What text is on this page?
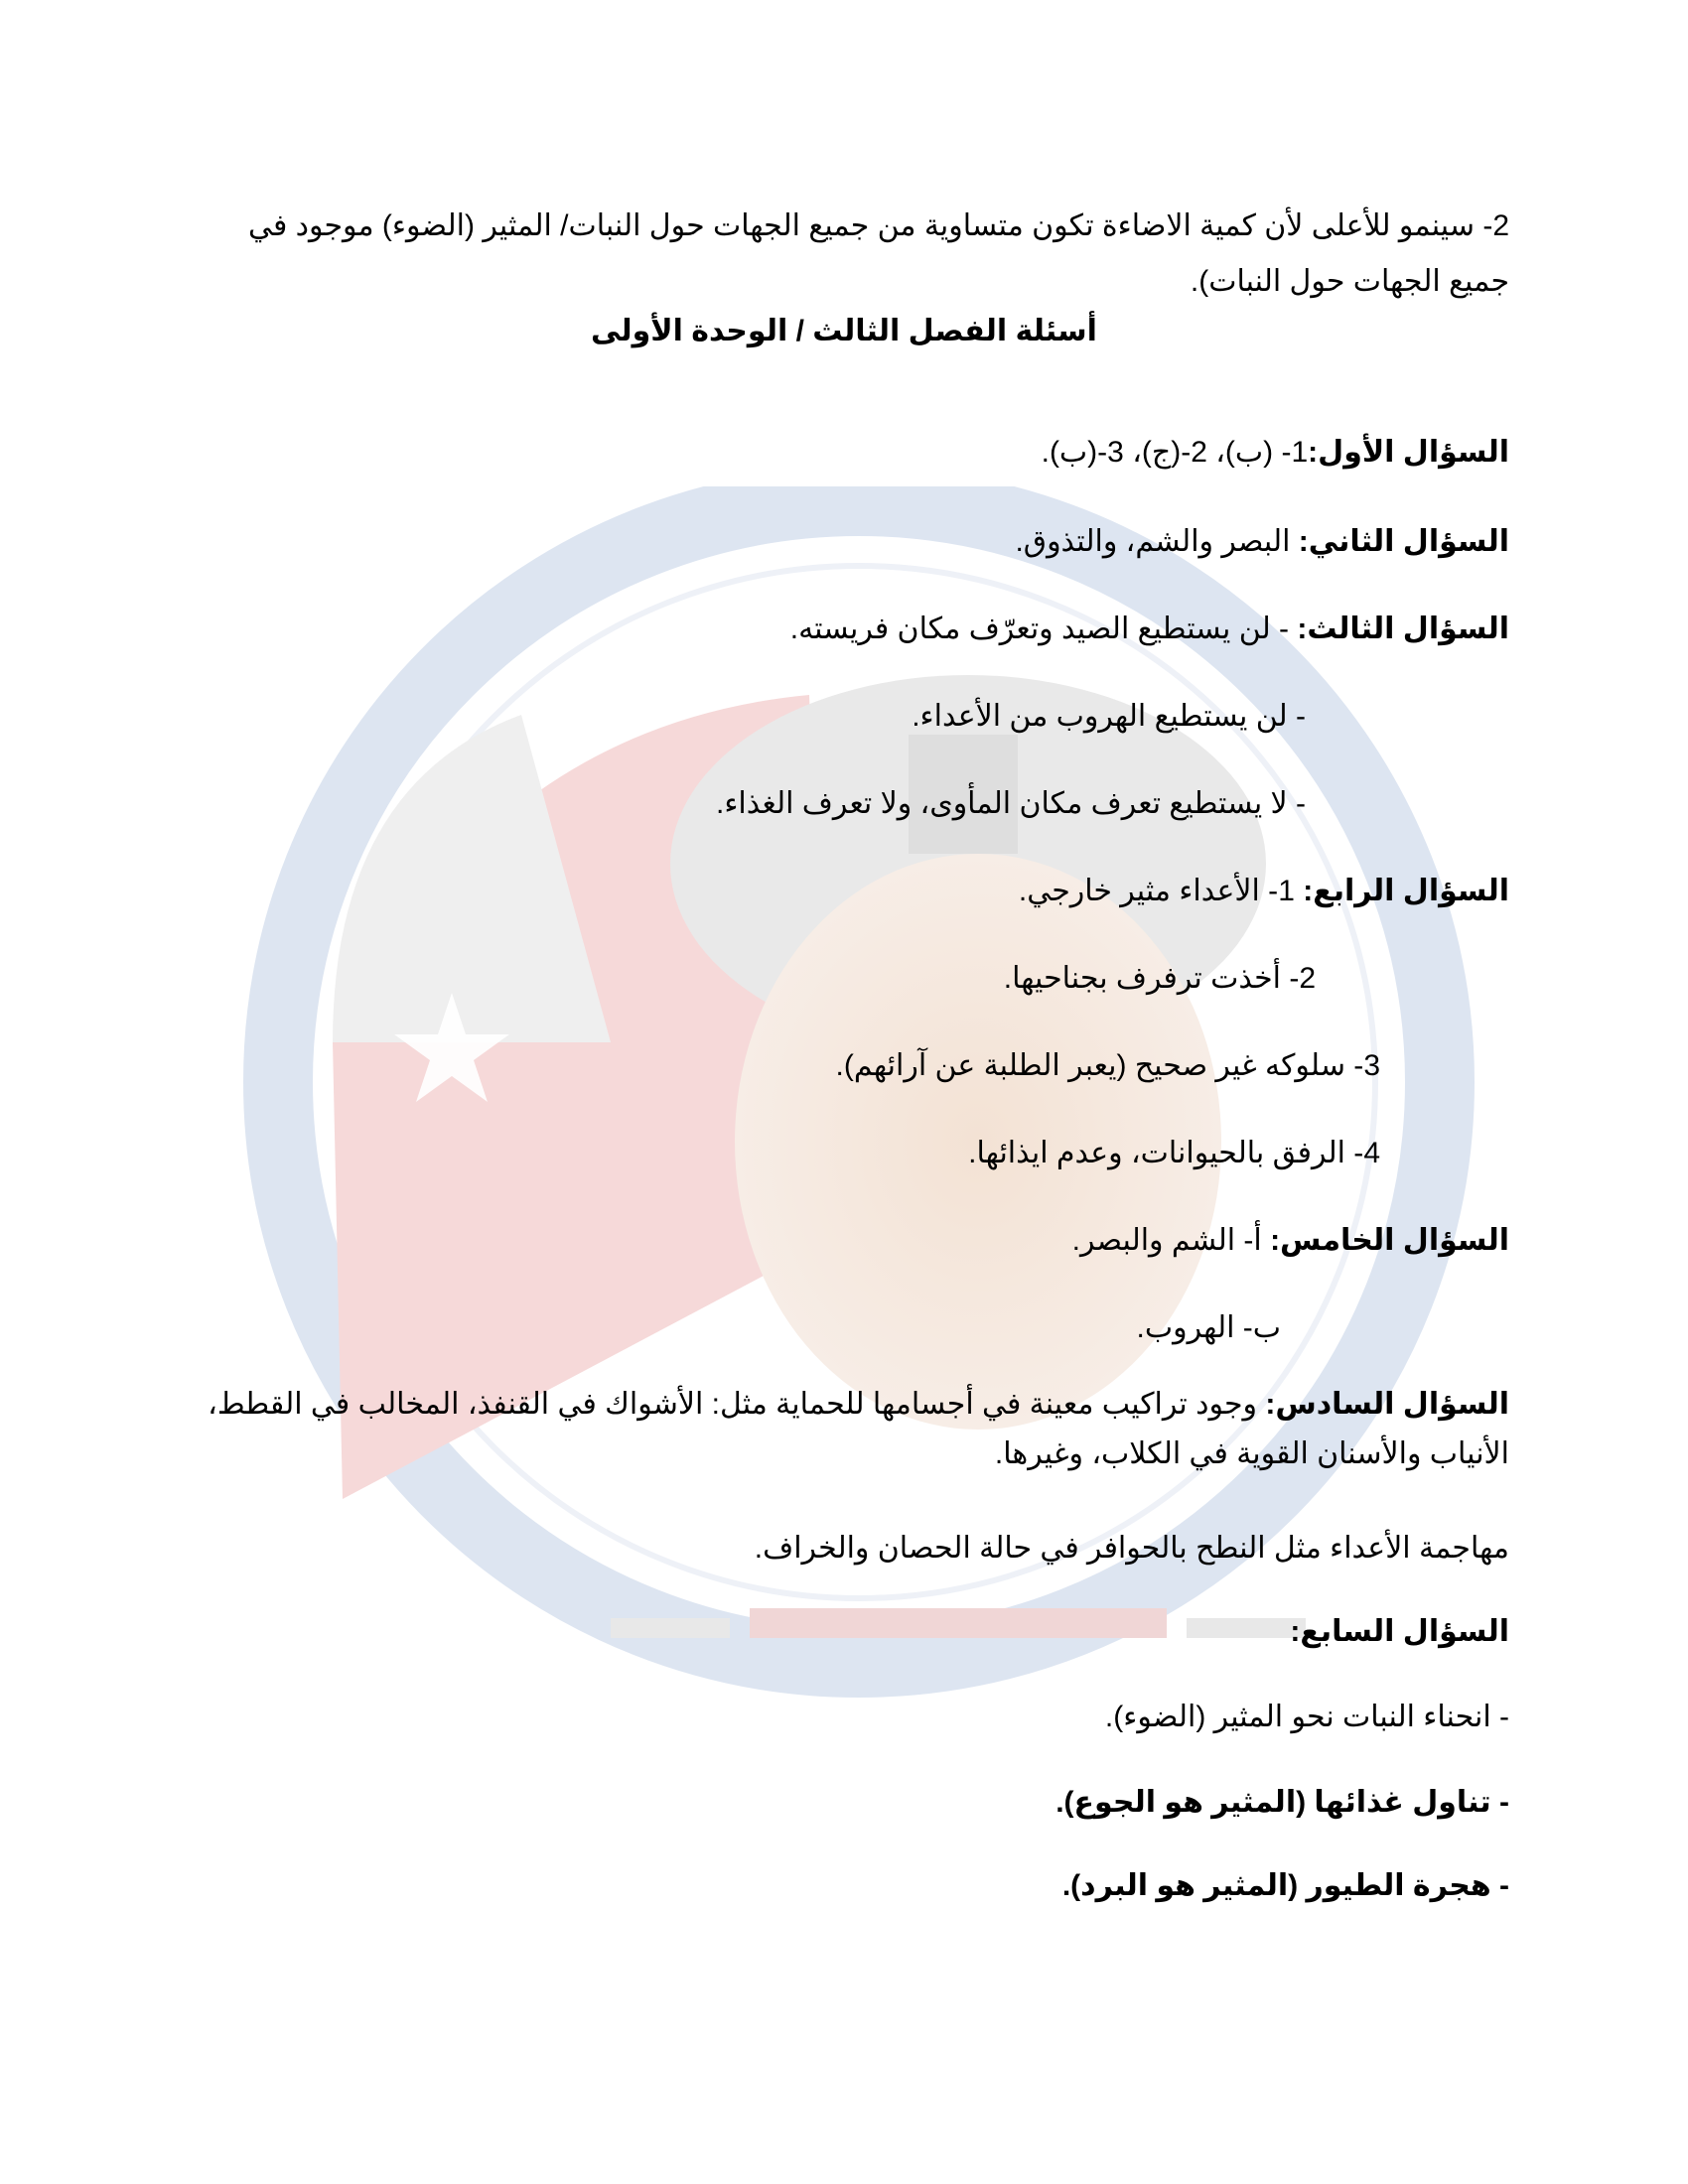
2- سينمو للأعلى لأن كمية الاضاءة تكون متساوية من جميع الجهات حول النبات/ المثير (الضوء) موجود في جميع الجهات حول النبات).
أسئلة الفصل الثالث / الوحدة الأولى
السؤال الأول:1- (ب)، 2-(ج)، 3-(ب).
السؤال الثاني: البصر والشم، والتذوق.
السؤال الثالث: - لن يستطيع الصيد وتعرّف مكان فريسته.
- لن يستطيع الهروب من الأعداء.
- لا يستطيع تعرف مكان المأوى، ولا تعرف الغذاء.
السؤال الرابع: 1- الأعداء مثير خارجي.
2- أخذت ترفرف بجناحيها.
3- سلوكه غير صحيح (يعبر الطلبة عن آرائهم).
4- الرفق بالحيوانات، وعدم ايذائها.
السؤال الخامس: أ- الشم والبصر.
ب- الهروب.
السؤال السادس: وجود تراكيب معينة في أجسامها للحماية مثل: الأشواك في القنفذ، المخالب في القطط، الأنياب والأسنان القوية في الكلاب، وغيرها.
مهاجمة الأعداء مثل النطح بالحوافر في حالة الحصان والخراف.
السؤال السابع:
- انحناء النبات نحو المثير (الضوء).
- تناول غذائها (المثير هو الجوع).
- هجرة الطيور (المثير هو البرد).
